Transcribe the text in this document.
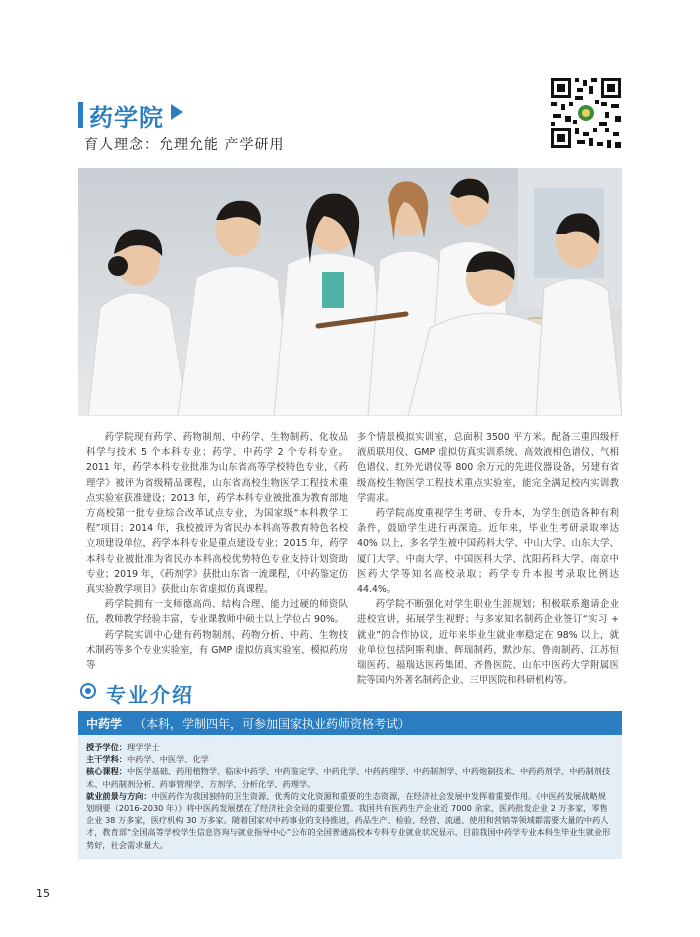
药学院
育人理念：允理允能 产学研用

药学院现有药学、药物制剂、中药学、生物制药、化妆品科学与技术 5 个本科专业；药学、中药学 2 个专科专业。2011 年，药学本科专业批准为山东省高等学校特色专业，《药理学》被评为省级精品课程，山东省高校生物医学工程技术重点实验室获准建设；2013 年，药学本科专业被批准为教育部地方高校第一批专业综合改革试点专业，为国家级“本科教学工程”项目；2014 年，我校被评为省民办本科高等教育特色名校立项建设单位，药学本科专业是重点建设专业；2015 年，药学本科专业被批准为省民办本科高校优势特色专业支持计划资助专业；2019 年，《药剂学》获批山东省一流课程，《中药鉴定仿真实验教学项目》获批山东省虚拟仿真课程。

药学院拥有一支师德高尚、结构合理、能力过硬的师资队伍，教师教学经验丰富，专业课教师中硕士以上学位占 90%。

药学院实训中心建有药物制剂、药物分析、中药、生物技术制药等多个专业实验室，有 GMP 虚拟仿真实验室、模拟药房等

多个情景模拟实训室，总面积 3500 平方米。配备三重四级杆液质联用仪、GMP 虚拟仿真实训系统、高效液相色谱仪、气相色谱仪、红外光谱仪等 800 余万元的先进仪器设备，另建有省级高校生物医学工程技术重点实验室，能完全满足校内实训教学需求。

药学院高度重视学生考研、专升本，为学生创造各种有利条件，鼓励学生进行再深造。近年来，毕业生考研录取率达 40% 以上，多名学生被中国药科大学、中山大学、山东大学、厦门大学、中南大学、中国医科大学、沈阳药科大学、南京中医药大学等知名高校录取；药学专升本报考录取比例达 44.4%。

药学院不断强化对学生职业生涯规划；积极联系邀请企业进校宣讲，拓展学生视野；与多家知名制药企业签订“实习 + 就业”的合作协议，近年来毕业生就业率稳定在 98% 以上，就业单位包括阿斯利康、辉瑞制药、默沙东、鲁南制药、江苏恒瑞医药、福瑞达医药集团、齐鲁医院、山东中医药大学附属医院等国内外著名制药企业、三甲医院和科研机构等。

专业介绍
中药学 （本科，学制四年，可参加国家执业药师资格考试）
授予学位：理学学士
主干学科：中药学、中医学、化学
核心课程：中医学基础、药用植物学、临床中药学、中药鉴定学、中药化学、中药药理学、中药制剂学、中药炮制技术、中药药剂学、中药制剂技术、中药制剂分析、药事管理学、方剂学、分析化学、药理学。
就业前景与方向：中医药作为我国独特的卫生资源、优秀的文化资源和重要的生态资源，在经济社会发展中发挥着重要作用。《中医药发展战略规划纲要（2016-2030 年）》将中医药发展摆在了经济社会全局的重要位置。我国共有医药生产企业近 7000 余家，医药批发企业 2 万多家，零售企业 38 万多家，医疗机构 30 万多家。随着国家对中药事业的支持推进，药品生产、检验、经营、流通、使用和营销等领域都需要大量的中药人才，教育部“全国高等学校学生信息咨询与就业指导中心”公布的全国普通高校本专科专业就业状况显示，目前我国中药学专业本科生毕业生就业形势好，社会需求量大。
15
